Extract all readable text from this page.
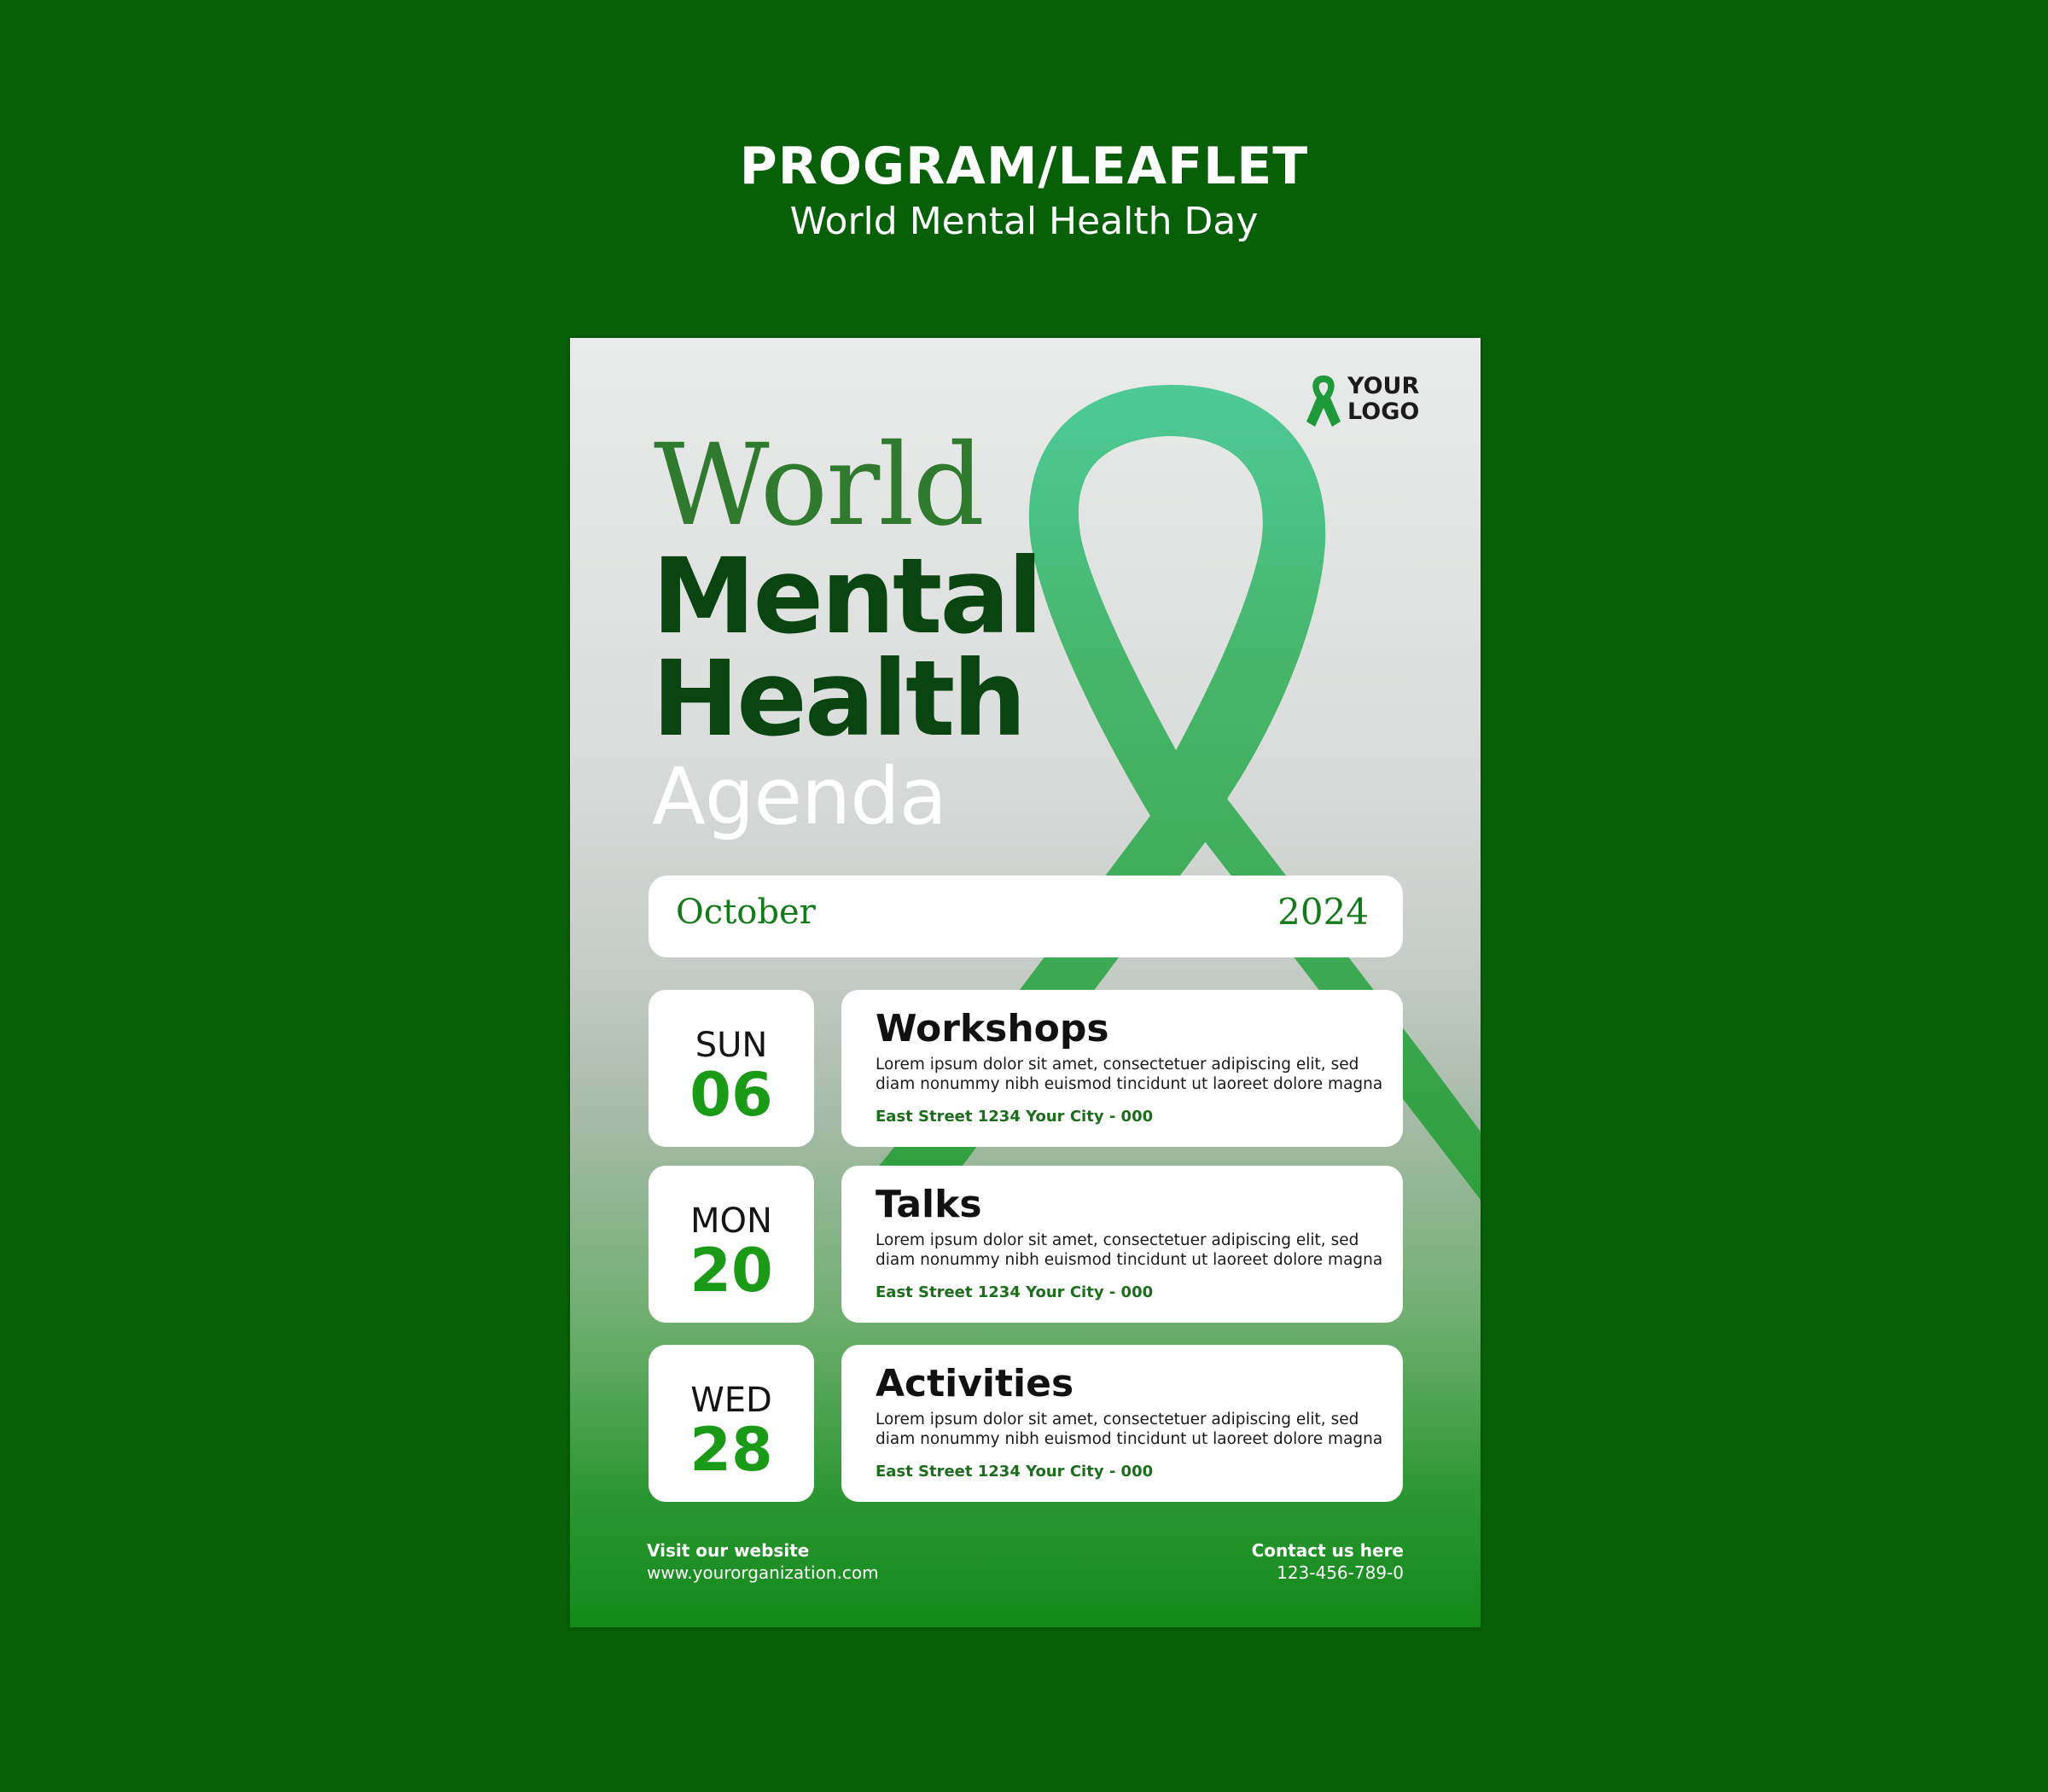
PROGRAM/LEAFLET
World Mental Health Day
YOUR
LOGO
World
Mental
Health
Agenda
October	2024
SUN
06
Workshops
Lorem ipsum dolor sit amet, consectetuer adipiscing elit, sed
diam nonummy nibh euismod tincidunt ut laoreet dolore magna
East Street 1234 Your City - 000
MON
20
Talks
Lorem ipsum dolor sit amet, consectetuer adipiscing elit, sed
diam nonummy nibh euismod tincidunt ut laoreet dolore magna
East Street 1234 Your City - 000
WED
28
Activities
Lorem ipsum dolor sit amet, consectetuer adipiscing elit, sed
diam nonummy nibh euismod tincidunt ut laoreet dolore magna
East Street 1234 Your City - 000
Visit our website
www.yourorganization.com
Contact us here
123-456-789-0
